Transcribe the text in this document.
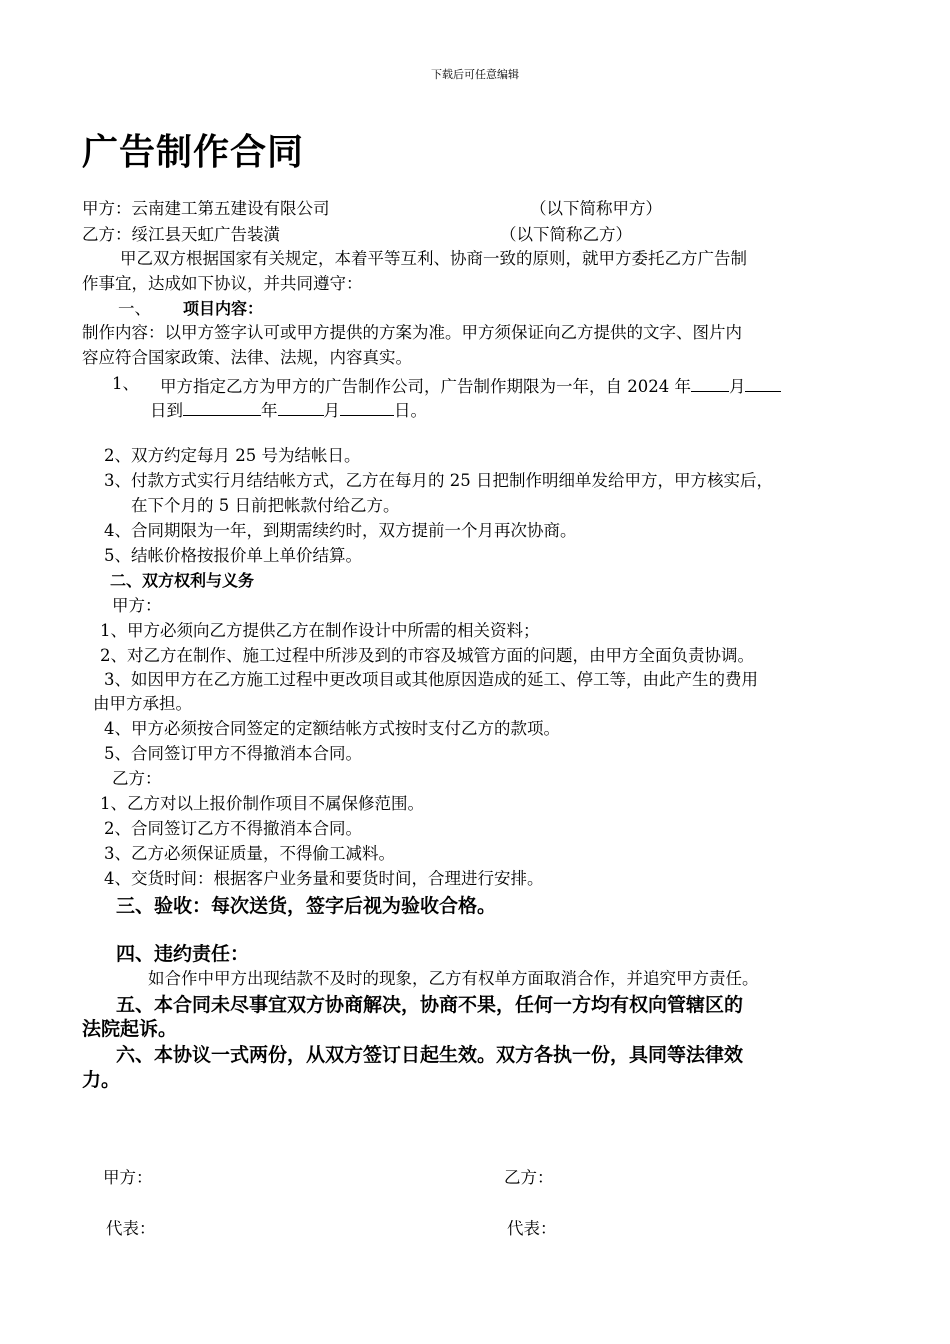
下载后可任意编辑
广告制作合同
甲方：云南建工第五建设有限公司	（以下简称甲方）
乙方：绥江县天虹广告装潢	（以下简称乙方）
甲乙双方根据国家有关规定，本着平等互利、协商一致的原则，就甲方委托乙方广告制
作事宜，达成如下协议，并共同遵守：
一、 项目内容：
制作内容：以甲方签字认可或甲方提供的方案为准。甲方须保证向乙方提供的文字、图片内
容应符合国家政策、法律、法规，内容真实。
1、 甲方指定乙方为甲方的广告制作公司，广告制作期限为一年，自 2024 年 月
日到	年	月	日。
2、双方约定每月 25 号为结帐日。
3、付款方式实行月结结帐方式，乙方在每月的 25 日把制作明细单发给甲方，甲方核实后，
在下个月的 5 日前把帐款付给乙方。
4、合同期限为一年，到期需续约时，双方提前一个月再次协商。
5、结帐价格按报价单上单价结算。
二、双方权利与义务
甲方：
1、甲方必须向乙方提供乙方在制作设计中所需的相关资料；
2、对乙方在制作、施工过程中所涉及到的市容及城管方面的问题，由甲方全面负责协调。
3、如因甲方在乙方施工过程中更改项目或其他原因造成的延工、停工等，由此产生的费用
由甲方承担。
4、甲方必须按合同签定的定额结帐方式按时支付乙方的款项。
5、合同签订甲方不得撤消本合同。
乙方：
1、乙方对以上报价制作项目不属保修范围。
2、合同签订乙方不得撤消本合同。
3、乙方必须保证质量，不得偷工减料。
4、交货时间：根据客户业务量和要货时间，合理进行安排。
三、验收：每次送货，签字后视为验收合格。
四、违约责任：
如合作中甲方出现结款不及时的现象，乙方有权单方面取消合作，并追究甲方责任。
五、本合同未尽事宜双方协商解决，协商不果，任何一方均有权向管辖区的
法院起诉。
六、本协议一式两份，从双方签订日起生效。双方各执一份，具同等法律效
力。
甲方：	乙方：
代表：	代表：
